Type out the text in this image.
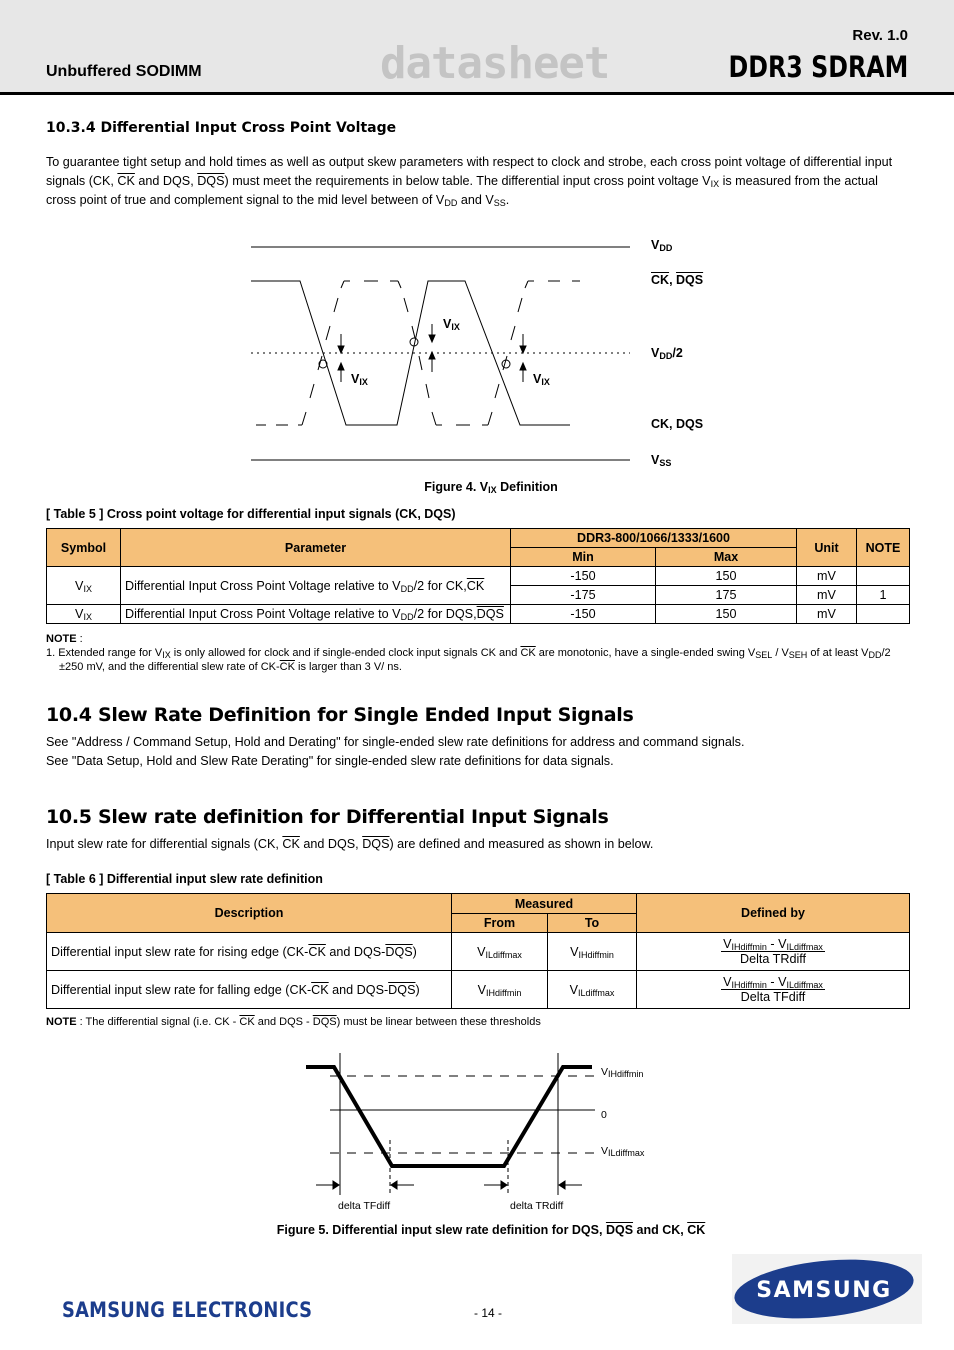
Unbuffered SODIMM	datasheet
Rev. 1.0
DDR3 SDRAM
10.3.4 Differential Input Cross Point Voltage
To guarantee tight setup and hold times as well as output skew parameters with respect to clock and strobe, each cross point voltage of differential input
signals (CK, $\overline{CK}$ and DQS, $\overline{DQS}$) must meet the requirements in below table. The differential input cross point voltage $V_{IX}$ is measured from the actual
cross point of true and complement signal to the mid level between of $V_{DD}$ and $V_{SS}$.
$V_{DD}$
$\overline{CK}$, $\overline{DQS}$
$V_{DD}/2$
CK, DQS
$V_{SS}$
$V_{IX}$
$V_{IX}$	$V_{IX}$
Figure 4. $V_{IX}$ Definition
[ Table 5 ] Cross point voltage for differential input signals (CK, DQS)
Symbol	Parameter	DDR3-800/1066/1333/1600		Unit	NOTE
		Min	Max		
$V_{IX}$	Differential Input Cross Point Voltage relative to $V_{DD}/2$ for $CK,\overline{CK}$	-150	150	mV	
		-175	175	mV	1
$V_{IX}$	Differential Input Cross Point Voltage relative to $V_{DD}/2$ for $DQS,\overline{DQS}$	-150	150	mV	
NOTE :
1. Extended range for $V_{IX}$ is only allowed for clock and if single-ended clock input signals CK and $\overline{CK}$ are monotonic, have a single-ended swing $V_{SEL} / V_{SEH}$ of at least $V_{DD}/2$
±250 mV, and the differential slew rate of $CK-\overline{CK}$ is larger than 3 V/ ns.
10.4 Slew Rate Definition for Single Ended Input Signals
See "Address / Command Setup, Hold and Derating" for single-ended slew rate definitions for address and command signals.
See "Data Setup, Hold and Slew Rate Derating" for single-ended slew rate definitions for data signals.
10.5 Slew rate definition for Differential Input Signals
Input slew rate for differential signals (CK, $\overline{CK}$ and DQS, $\overline{DQS}$) are defined and measured as shown in below.
[ Table 6 ] Differential input slew rate definition
Description	Measured		Defined by
	From	To	
Differential input slew rate for rising edge ($CK-\overline{CK}$ and DQS-$\overline{DQS}$)	$V_{ILdiffmax}$	$V_{IHdiffmin}$	$V_{IHdiffmin} - V_{ILdiffmax}$
Delta TRdiff

Differential input slew rate for falling edge ($CK-\overline{CK}$ and DQS-$\overline{DQS}$)	$V_{IHdiffmin}$	$V_{ILdiffmax}$	$V_{IHdiffmin} - V_{ILdiffmax}$
Delta TFdiff
NOTE : The differential signal (i.e. CK - $\overline{CK}$ and DQS - $\overline{DQS}$) must be linear between these thresholds
$V_{IHdiffmin}$
0
$V_{ILdiffmax}$
delta TFdiff	delta TRdiff
Figure 5. Differential input slew rate definition for DQS, $\overline{DQS}$ and CK, $\overline{CK}$
SAMSUNG ELECTRONICS	- 14 -
SAMSUNG
